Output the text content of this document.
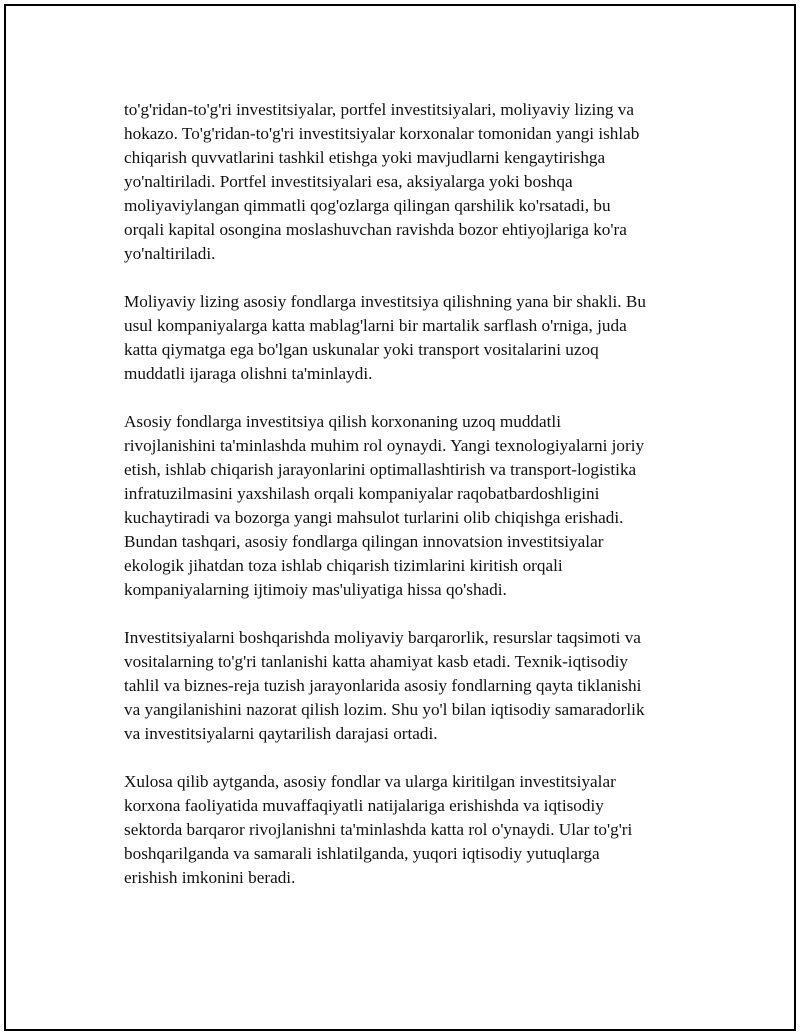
to'g'ridan-to'g'ri investitsiyalar, portfel investitsiyalari, moliyaviy lizing va
hokazo. To'g'ridan-to'g'ri investitsiyalar korxonalar tomonidan yangi ishlab
chiqarish quvvatlarini tashkil etishga yoki mavjudlarni kengaytirishga
yo'naltiriladi. Portfel investitsiyalari esa, aksiyalarga yoki boshqa
moliyaviylangan qimmatli qog'ozlarga qilingan qarshilik ko'rsatadi, bu
orqali kapital osongina moslashuvchan ravishda bozor ehtiyojlariga ko'ra
yo'naltiriladi.

Moliyaviy lizing asosiy fondlarga investitsiya qilishning yana bir shakli. Bu
usul kompaniyalarga katta mablag'larni bir martalik sarflash o'rniga, juda
katta qiymatga ega bo'lgan uskunalar yoki transport vositalarini uzoq
muddatli ijaraga olishni ta'minlaydi.

Asosiy fondlarga investitsiya qilish korxonaning uzoq muddatli
rivojlanishini ta'minlashda muhim rol oynaydi. Yangi texnologiyalarni joriy
etish, ishlab chiqarish jarayonlarini optimallashtirish va transport-logistika
infratuzilmasini yaxshilash orqali kompaniyalar raqobatbardoshligini
kuchaytiradi va bozorga yangi mahsulot turlarini olib chiqishga erishadi.
Bundan tashqari, asosiy fondlarga qilingan innovatsion investitsiyalar
ekologik jihatdan toza ishlab chiqarish tizimlarini kiritish orqali
kompaniyalarning ijtimoiy mas'uliyatiga hissa qo'shadi.

Investitsiyalarni boshqarishda moliyaviy barqarorlik, resurslar taqsimoti va
vositalarning to'g'ri tanlanishi katta ahamiyat kasb etadi. Texnik-iqtisodiy
tahlil va biznes-reja tuzish jarayonlarida asosiy fondlarning qayta tiklanishi
va yangilanishini nazorat qilish lozim. Shu yo'l bilan iqtisodiy samaradorlik
va investitsiyalarni qaytarilish darajasi ortadi.

Xulosa qilib aytganda, asosiy fondlar va ularga kiritilgan investitsiyalar
korxona faoliyatida muvaffaqiyatli natijalariga erishishda va iqtisodiy
sektorda barqaror rivojlanishni ta'minlashda katta rol o'ynaydi. Ular to'g'ri
boshqarilganda va samarali ishlatilganda, yuqori iqtisodiy yutuqlarga
erishish imkonini beradi.
